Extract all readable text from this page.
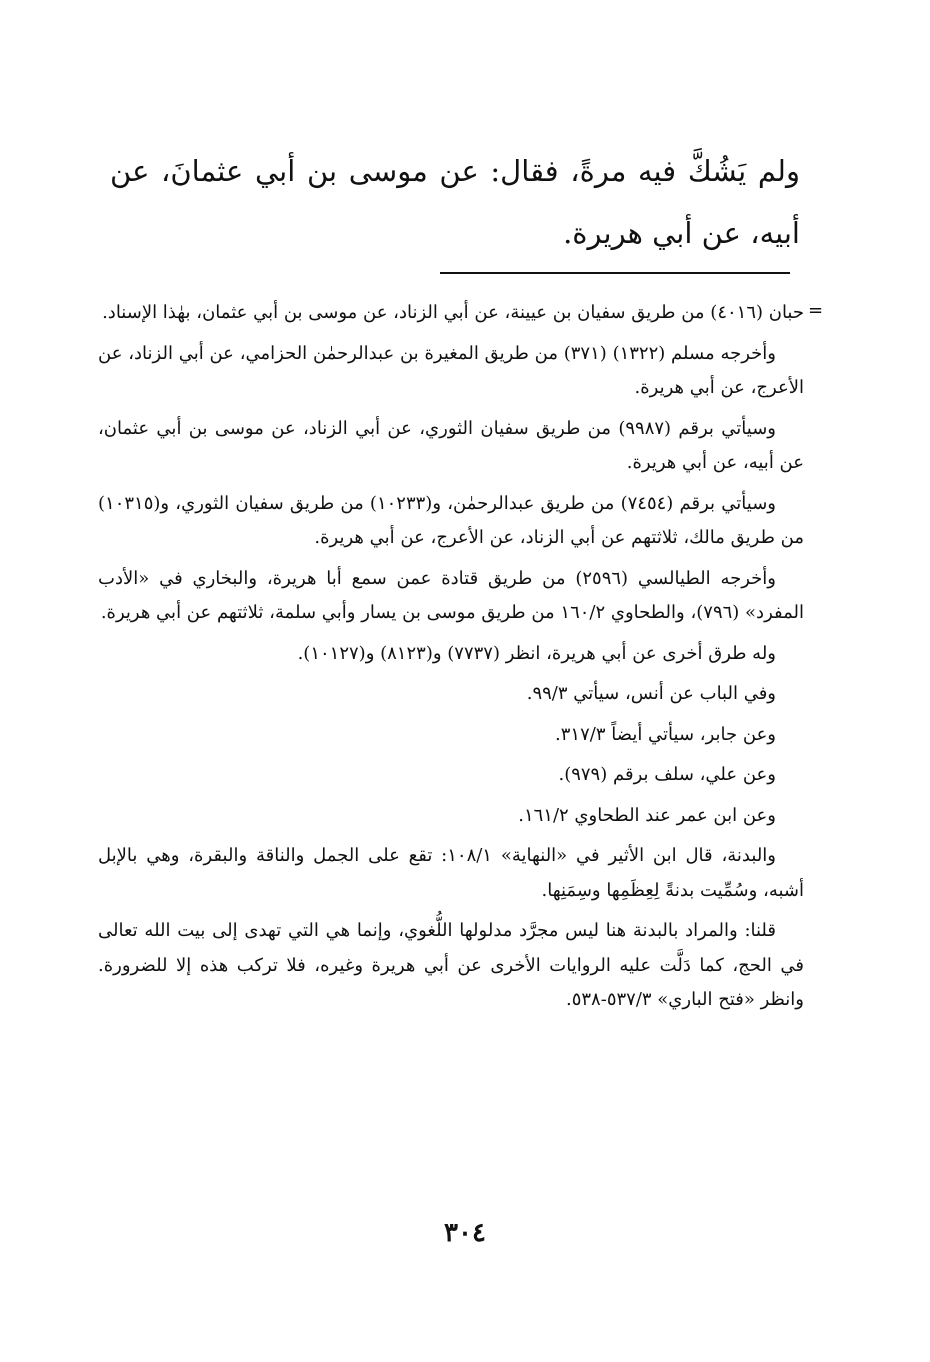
ولم يَشُكَّ فيه مرةً، فقال: عن موسى بن أبي عثمانَ، عن أبيه، عن أبي هريرة.

=

حبان (٤٠١٦) من طريق سفيان بن عيينة، عن أبي الزناد، عن موسى بن أبي عثمان، بهٰذا الإسناد.

وأخرجه مسلم (١٣٢٢) (٣٧١) من طريق المغيرة بن عبدالرحمٰن الحزامي، عن أبي الزناد، عن الأعرج، عن أبي هريرة.

وسيأتي برقم (٩٩٨٧) من طريق سفيان الثوري، عن أبي الزناد، عن موسى بن أبي عثمان، عن أبيه، عن أبي هريرة.

وسيأتي برقم (٧٤٥٤) من طريق عبدالرحمٰن، و(١٠٢٣٣) من طريق سفيان الثوري، و(١٠٣١٥) من طريق مالك، ثلاثتهم عن أبي الزناد، عن الأعرج، عن أبي هريرة.

وأخرجه الطيالسي (٢٥٩٦) من طريق قتادة عمن سمع أبا هريرة، والبخاري في «الأدب المفرد» (٧٩٦)، والطحاوي ١٦٠/٢ من طريق موسى بن يسار وأبي سلمة، ثلاثتهم عن أبي هريرة.

وله طرق أخرى عن أبي هريرة، انظر (٧٧٣٧) و(٨١٢٣) و(١٠١٢٧).

وفي الباب عن أنس، سيأتي ٩٩/٣.

وعن جابر، سيأتي أيضاً ٣١٧/٣.

وعن علي، سلف برقم (٩٧٩).

وعن ابن عمر عند الطحاوي ١٦١/٢.

والبدنة، قال ابن الأثير في «النهاية» ١٠٨/١: تقع على الجمل والناقة والبقرة، وهي بالإبل أشبه، وسُمِّيت بدنةً لِعِظَمِها وسِمَنِها.

قلنا: والمراد بالبدنة هنا ليس مجرَّد مدلولها اللُّغوي، وإنما هي التي تهدى إلى بيت الله تعالى في الحج، كما دَلَّت عليه الروايات الأخرى عن أبي هريرة وغيره، فلا تركب هذه إلا للضرورة. وانظر «فتح الباري» ٥٣٧/٣-٥٣٨.

٣٠٤
